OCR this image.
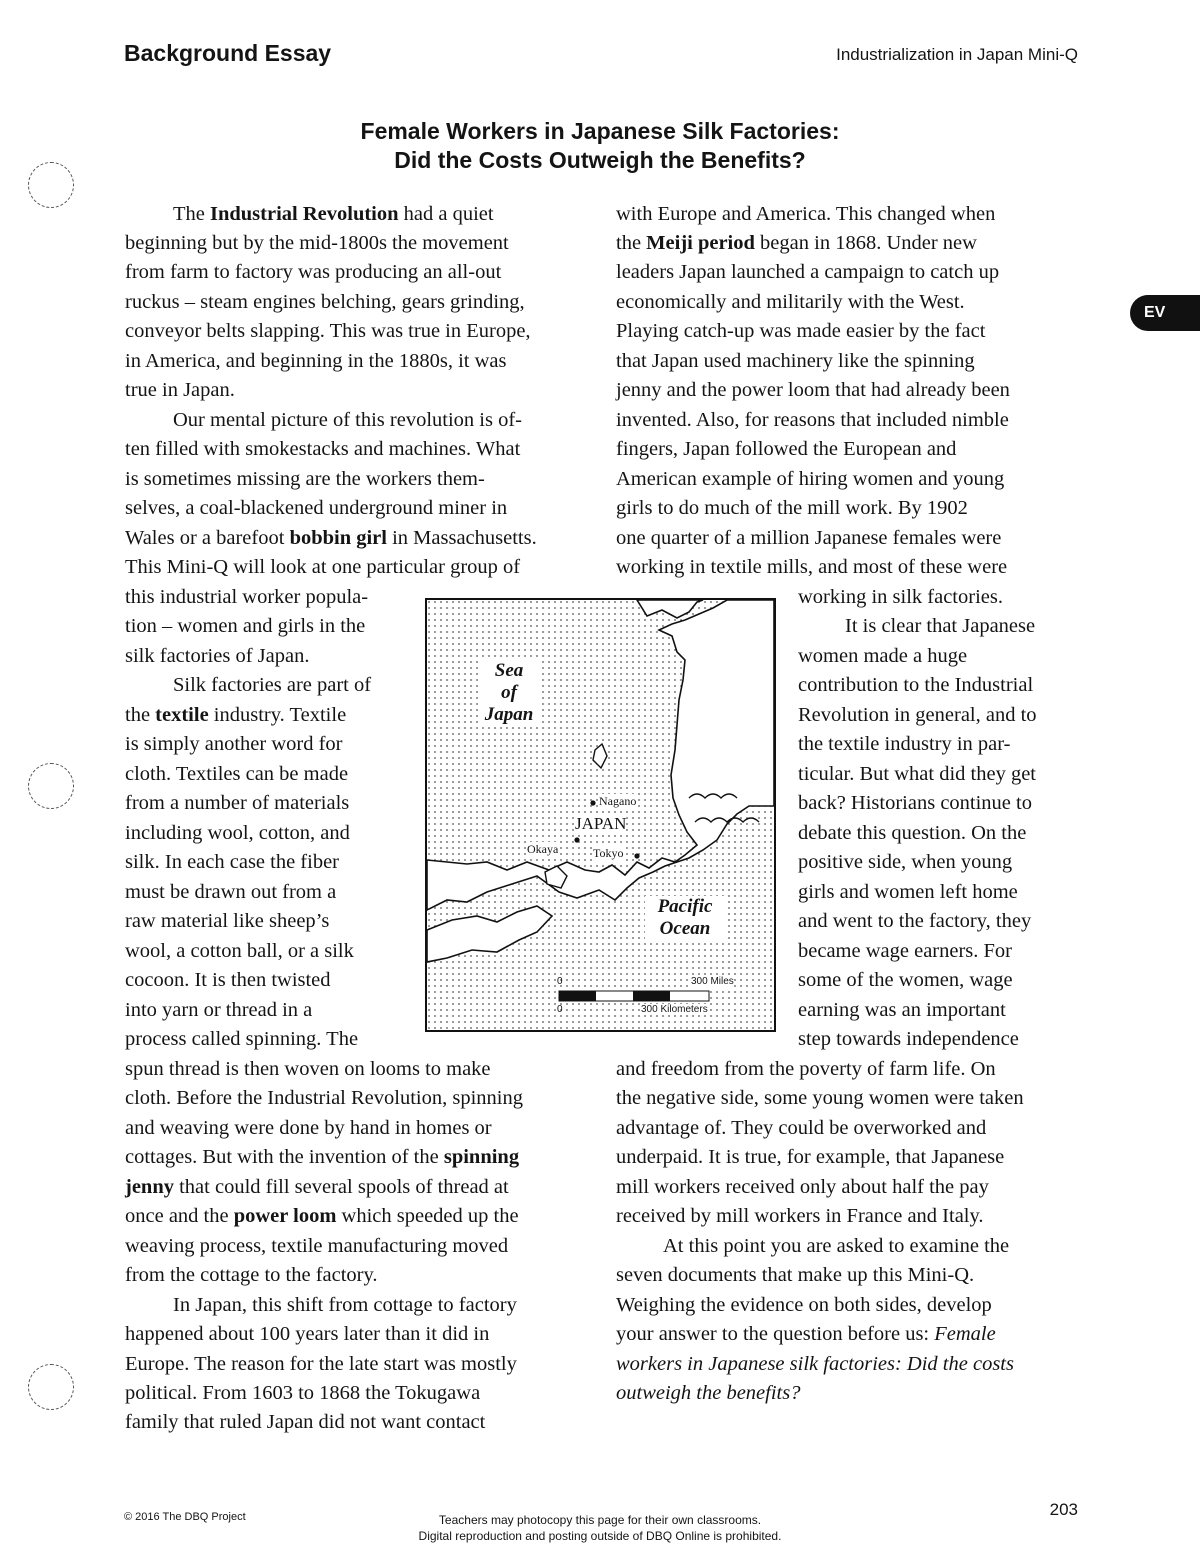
Background Essay	Industrialization in Japan Mini-Q
Female Workers in Japanese Silk Factories:
Did the Costs Outweigh the Benefits?
EV
The Industrial Revolution had a quiet
beginning but by the mid-1800s the movement
from farm to factory was producing an all-out
ruckus – steam engines belching, gears grinding,
conveyor belts slapping. This was true in Europe,
in America, and beginning in the 1880s, it was
true in Japan.
Our mental picture of this revolution is of-
ten filled with smokestacks and machines. What
is sometimes missing are the workers them-
selves, a coal-blackened underground miner in
Wales or a barefoot bobbin girl in Massachusetts.
This Mini-Q will look at one particular group of
this industrial worker popula-
tion – women and girls in the
silk factories of Japan.
Silk factories are part of
the textile industry. Textile
is simply another word for
cloth. Textiles can be made
from a number of materials
including wool, cotton, and
silk. In each case the fiber
must be drawn out from a
raw material like sheep’s
wool, a cotton ball, or a silk
cocoon. It is then twisted
into yarn or thread in a
process called spinning. The
spun thread is then woven on looms to make
cloth. Before the Industrial Revolution, spinning
and weaving were done by hand in homes or
cottages. But with the invention of the spinning
jenny that could fill several spools of thread at
once and the power loom which speeded up the
weaving process, textile manufacturing moved
from the cottage to the factory.
In Japan, this shift from cottage to factory
happened about 100 years later than it did in
Europe. The reason for the late start was mostly
political. From 1603 to 1868 the Tokugawa
family that ruled Japan did not want contact
with Europe and America. This changed when
the Meiji period began in 1868. Under new
leaders Japan launched a campaign to catch up
economically and militarily with the West.
Playing catch-up was made easier by the fact
that Japan used machinery like the spinning
jenny and the power loom that had already been
invented. Also, for reasons that included nimble
fingers, Japan followed the European and
American example of hiring women and young
girls to do much of the mill work. By 1902
one quarter of a million Japanese females were
working in textile mills, and most of these were
working in silk factories.
It is clear that Japanese
women made a huge
contribution to the Industrial
Revolution in general, and to
the textile industry in par-
ticular. But what did they get
back? Historians continue to
debate this question. On the
positive side, when young
girls and women left home
and went to the factory, they
became wage earners. For
some of the women, wage
earning was an important
step towards independence
and freedom from the poverty of farm life. On
the negative side, some young women were taken
advantage of. They could be overworked and
underpaid. It is true, for example, that Japanese
mill workers received only about half the pay
received by mill workers in France and Italy.
At this point you are asked to examine the
seven documents that make up this Mini-Q.
Weighing the evidence on both sides, develop
your answer to the question before us: Female
workers in Japanese silk factories: Did the costs
outweigh the benefits?
Sea
of
Japan
Pacific
Ocean
JAPAN
Nagano
Okaya	Tokyo
0	300 Miles
0	300 Kilometers
© 2016 The DBQ Project	Teachers may photocopy this page for their own classrooms.
Digital reproduction and posting outside of DBQ Online is prohibited.
203
